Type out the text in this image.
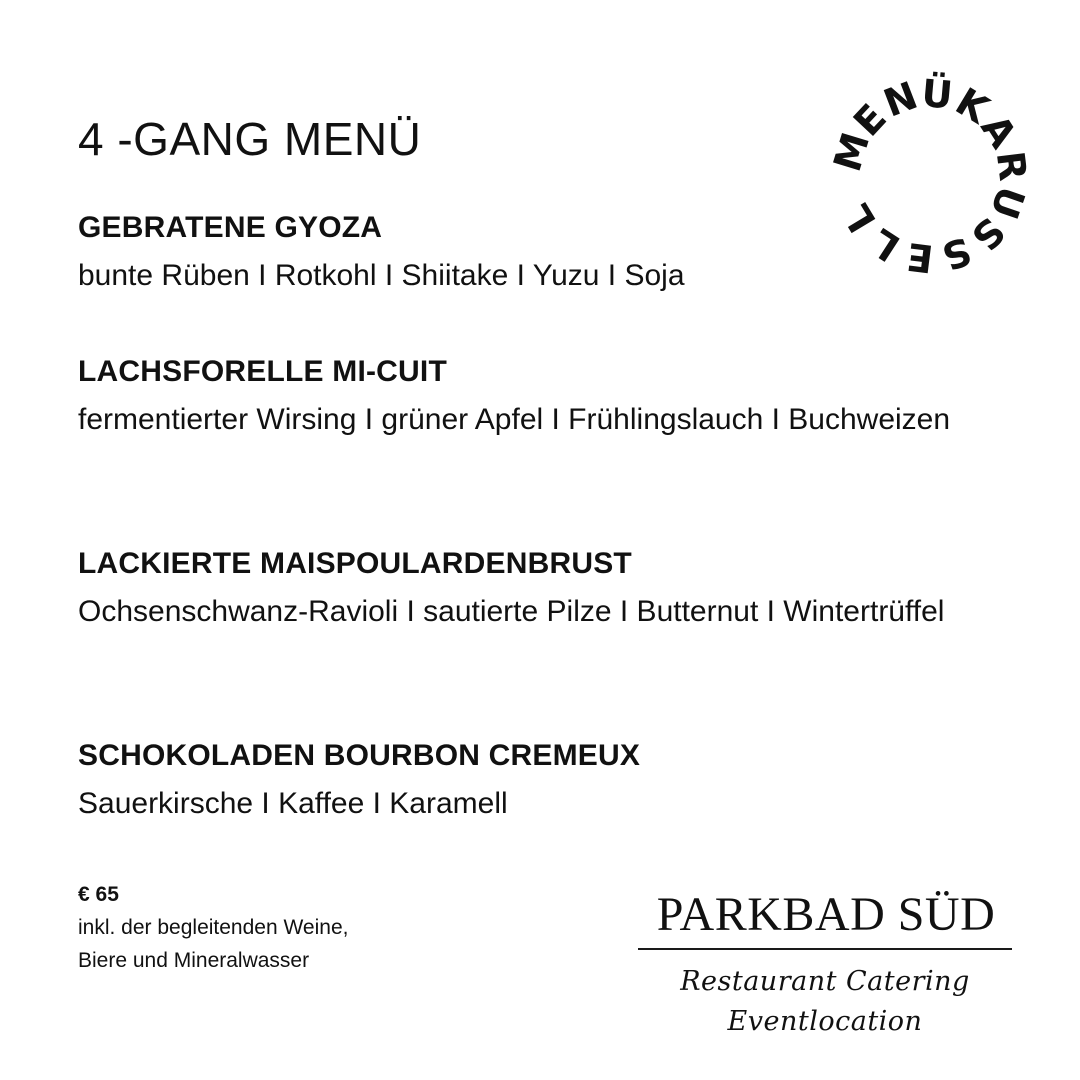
4 -GANG MENÜ

GEBRATENE GYOZA

bunte Rüben I Rotkohl I Shiitake I Yuzu I Soja

LACHSFORELLE MI-CUIT

fermentierter Wirsing I grüner Apfel I Frühlingslauch I Buchweizen

LACKIERTE MAISPOULARDENBRUST

Ochsenschwanz-Ravioli I sautierte Pilze I Butternut I Wintertrüffel

SCHOKOLADEN BOURBON CREMEUX

Sauerkirsche I Kaffee I Karamell

€ 65
inkl. der begleitenden Weine,
Biere und Mineralwasser
M
E
N
Ü
K
A
R
U
S
S
E
L
L
PARKBAD SÜD
Restaurant Catering Eventlocation
